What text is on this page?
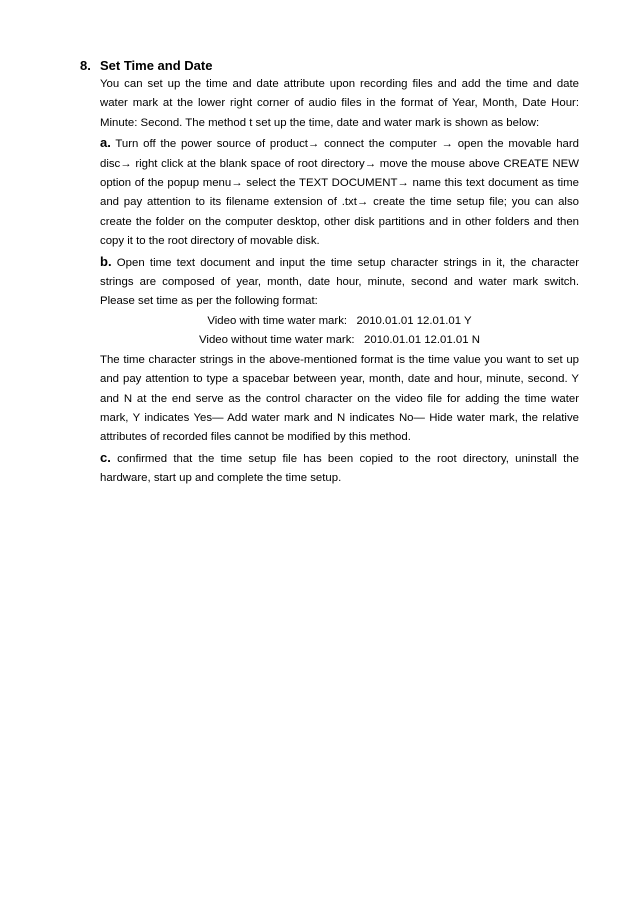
8. Set Time and Date

You can set up the time and date attribute upon recording files and add the time and date water mark at the lower right corner of audio files in the format of Year, Month, Date Hour: Minute: Second. The method t set up the time, date and water mark is shown as below:

a. Turn off the power source of product→ connect the computer → open the movable hard disc→ right click at the blank space of root directory→ move the mouse above CREATE NEW option of the popup menu→ select the TEXT DOCUMENT→ name this text document as time and pay attention to its filename extension of .txt→ create the time setup file; you can also create the folder on the computer desktop, other disk partitions and in other folders and then copy it to the root directory of movable disk.

b. Open time text document and input the time setup character strings in it, the character strings are composed of year, month, date hour, minute, second and water mark switch. Please set time as per the following format:

Video with time water mark:   2010.01.01 12.01.01 Y

Video without time water mark:   2010.01.01 12.01.01 N

The time character strings in the above-mentioned format is the time value you want to set up and pay attention to type a spacebar between year, month, date and hour, minute, second. Y and N at the end serve as the control character on the video file for adding the time water mark, Y indicates Yes— Add water mark and N indicates No— Hide water mark, the relative attributes of recorded files cannot be modified by this method.

c. confirmed that the time setup file has been copied to the root directory, uninstall the hardware, start up and complete the time setup.
